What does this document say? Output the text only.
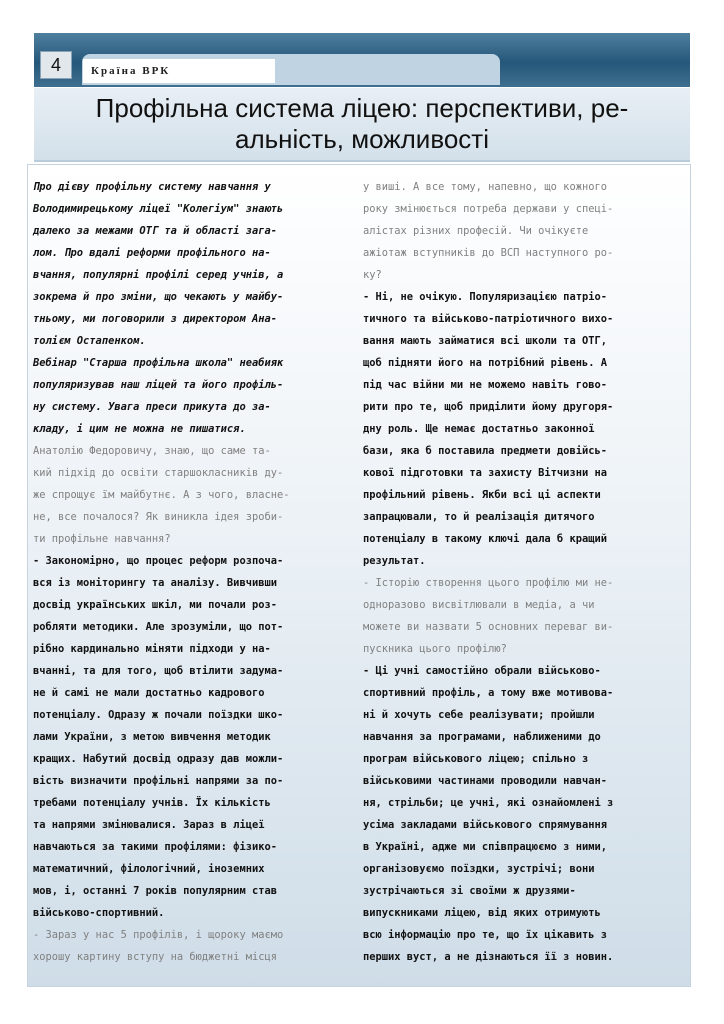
4	Країна ВРК
Профільна система ліцею: перспективи, ре-
альність, можливості
Про дієву профільну систему навчання у
Володимирецькому ліцеї "Колегіум" знають
далеко за межами ОТГ та й області зага-
лом. Про вдалі реформи профільного на-
вчання, популярні профілі серед учнів, а
зокрема й про зміни, що чекають у майбу-
тньому, ми поговорили з директором Ана-
толієм Остапенком.
Вебінар "Старша профільна школа" неабияк
популяризував наш ліцей та його профіль-
ну систему. Увага преси прикута до за-
кладу, і цим не можна не пишатися.
Анатолію Федоровичу, знаю, що саме та-
кий підхід до освіти старшокласників ду-
же спрощує їм майбутнє. А з чого, власне-
не, все почалося? Як виникла ідея зроби-
ти профільне навчання?
- Закономірно, що процес реформ розпоча-
вся із моніторингу та аналізу. Вивчивши
досвід українських шкіл, ми почали роз-
робляти методики. Але зрозуміли, що пот-
рібно кардинально міняти підходи у на-
вчанні, та для того, щоб втілити задума-
не й самі не мали достатньо кадрового
потенціалу. Одразу ж почали поїздки шко-
лами України, з метою вивчення методик
кращих. Набутий досвід одразу дав можли-
вість визначити профільні напрями за по-
требами потенціалу учнів. Їх кількість
та напрями змінювалися. Зараз в ліцеї
навчаються за такими профілями: фізико-
математичний, філологічний, іноземних
мов, і, останні 7 років популярним став
військово-спортивний.
- Зараз у нас 5 профілів, і щороку маємо
хорошу картину вступу на бюджетні місця
у виші. А все тому, напевно, що кожного
року змінюється потреба держави у спеці-
алістах різних професій. Чи очікуєте
ажіотаж вступників до ВСП наступного ро-
ку?
- Ні, не очікую. Популяризацією патріо-
тичного та військово-патріотичного вихо-
вання мають займатися всі школи та ОТГ,
щоб підняти його на потрібний рівень. А
під час війни ми не можемо навіть гово-
рити про те, щоб приділити йому другоря-
дну роль. Ще немає достатньо законної
бази, яка б поставила предмети довійсь-
кової підготовки та захисту Вітчизни на
профільний рівень. Якби всі ці аспекти
запрацювали, то й реалізація дитячого
потенціалу в такому ключі дала б кращий
результат.
- Історію створення цього профілю ми не-
одноразово висвітлювали в медіа, а чи
можете ви назвати 5 основних переваг ви-
пускника цього профілю?
- Ці учні самостійно обрали військово-
спортивний профіль, а тому вже мотивова-
ні й хочуть себе реалізувати; пройшли
навчання за програмами, наближеними до
програм військового ліцею; спільно з
військовими частинами проводили навчан-
ня, стрільби; це учні, які ознайомлені з
усіма закладами військового спрямування
в Україні, адже ми співпрацюємо з ними,
організовуємо поїздки, зустрічі; вони
зустрічаються зі своїми ж друзями-
випускниками ліцею, від яких отримують
всю інформацію про те, що їх цікавить з
перших вуст, а не дізнаються її з новин.
